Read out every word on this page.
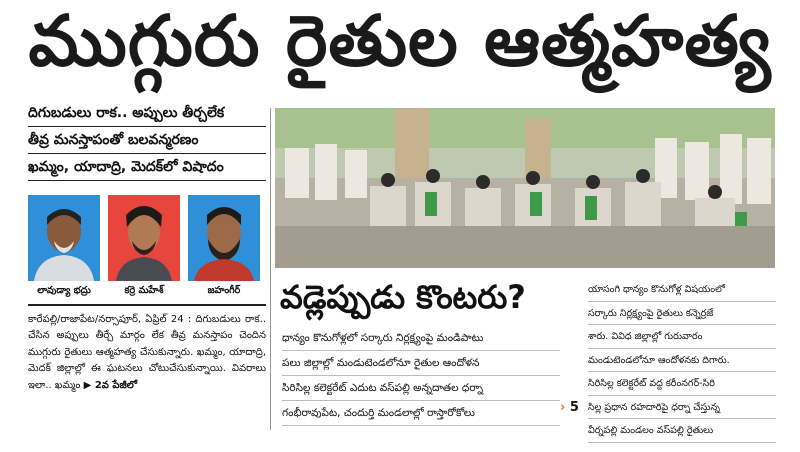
ముగ్గురు రైతుల ఆత్మహత్య
దిగుబడులు రాక.. అప్పులు తీర్చలేక
తీవ్ర మనస్తాపంతో బలవన్మరణం
ఖమ్మం, యాదాద్రి, మెదక్‌లో విషాదం
లావుడ్యా భద్రు	కర్రె మహేశ్	జహంగీర్
కారేపల్లి/రాజాపేట/నర్సాపూర్‌, ఏప్రిల్‌ 24 : దిగుబడులు రాక.. చేసిన అప్పులు తీర్చే మార్గం లేక తీవ్ర మనస్తాపం చెందిన ముగ్గురు రైతులు ఆత్మహత్య చేసుకున్నారు. ఖమ్మం, యాదాద్రి, మెదక్‌ జిల్లాల్లో ఈ ఘటనలు చోటుచేసుకున్నాయి. వివరాలు ఇలా.. ఖమ్మం ▶ 2వ పేజీలో
వడ్లెప్పుడు కొంటరు?
ధాన్యం కొనుగోళ్లలో సర్కారు నిర్లక్ష్యంపై మండిపాటు
పలు జిల్లాల్లో మండుటెండలోనూ రైతుల ఆందోళన
సిరిసిల్ల కలెక్టరేట్‌ ఎదుట వస్‌పల్లి అన్నదాతల ధర్నా
గంభీరావుపేట, చందుర్తి మండలాల్లో రాస్తారోకోలు	› 5
యాసంగి ధాన్యం కొనుగోళ్ల విషయంలో
సర్కారు నిర్లక్ష్యంపై రైతులు కన్నెర్రజే
శారు. వివిధ జిల్లాల్లో గురువారం
మండుటెండలోనూ ఆందోళనకు దిగారు.
సిరిసిల్ల కలెక్టరేట్‌ వద్ద కరీంనగర్‌-సిరి
సిల్ల ప్రధాన రహదారిపై ధర్నా చేస్తున్న
వీర్నపల్లి మండలం వస్‌పల్లి రైతులు
